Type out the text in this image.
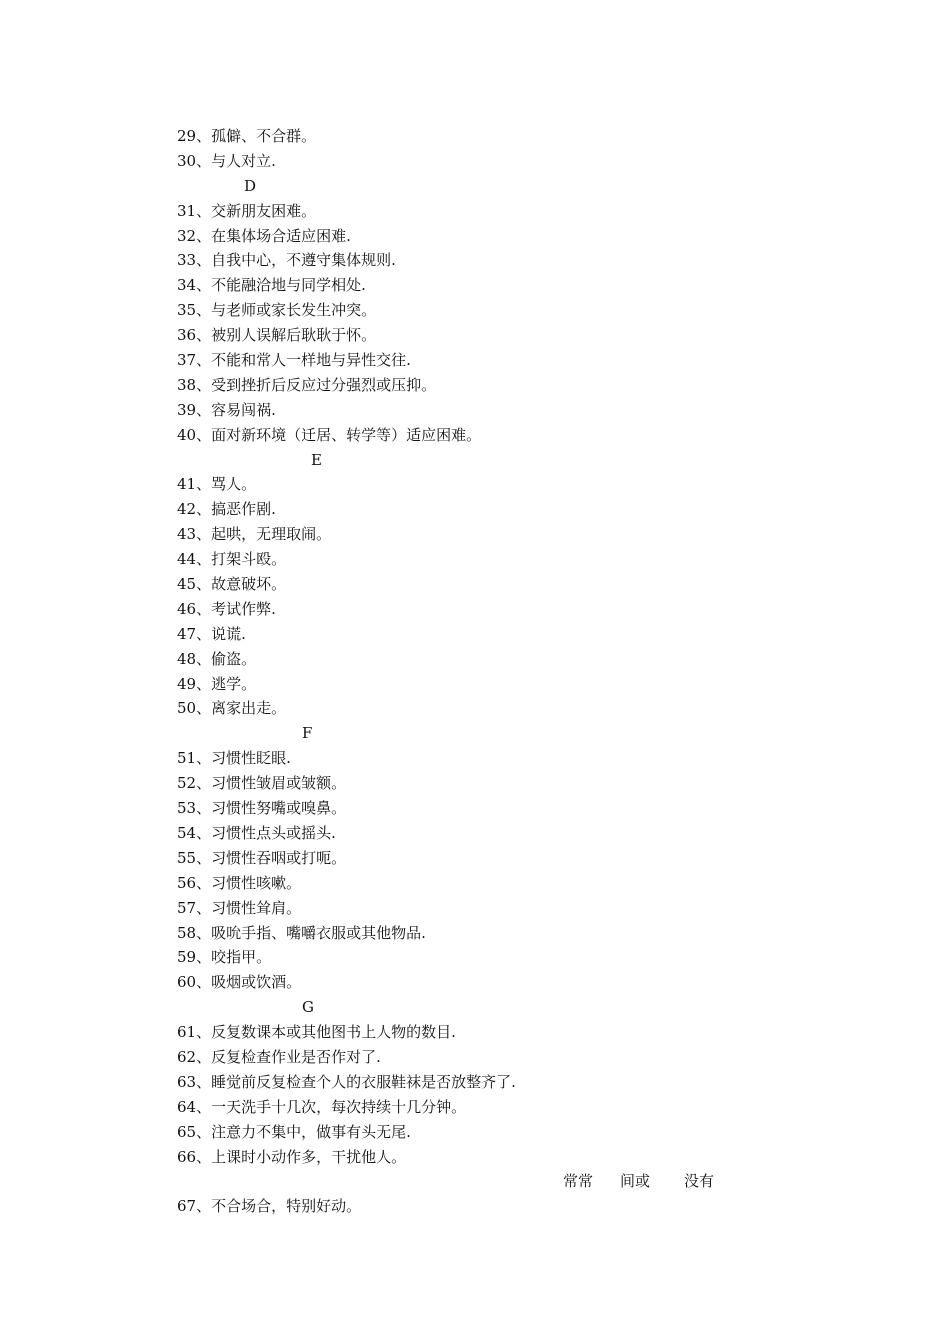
29、孤僻、不合群。
30、与人对立.
D
31、交新朋友困难。
32、在集体场合适应困难.
33、自我中心，不遵守集体规则.
34、不能融洽地与同学相处.
35、与老师或家长发生冲突。
36、被别人误解后耿耿于怀。
37、不能和常人一样地与异性交往.
38、受到挫折后反应过分强烈或压抑。
39、容易闯祸.
40、面对新环境（迁居、转学等）适应困难。
E
41、骂人。
42、搞恶作剧.
43、起哄，无理取闹。
44、打架斗殴。
45、故意破坏。
46、考试作弊.
47、说谎.
48、偷盗。
49、逃学。
50、离家出走。
F
51、习惯性眨眼.
52、习惯性皱眉或皱额。
53、习惯性努嘴或嗅鼻。
54、习惯性点头或摇头.
55、习惯性吞咽或打呃。
56、习惯性咳嗽。
57、习惯性耸肩。
58、吸吮手指、嘴嚼衣服或其他物品.
59、咬指甲。
60、吸烟或饮酒。
G
61、反复数课本或其他图书上人物的数目.
62、反复检查作业是否作对了.
63、睡觉前反复检查个人的衣服鞋袜是否放整齐了.
64、一天洗手十几次，每次持续十几分钟。
65、注意力不集中，做事有头无尾.
66、上课时小动作多，干扰他人。
常常 间或 没有
67、不合场合，特别好动。
